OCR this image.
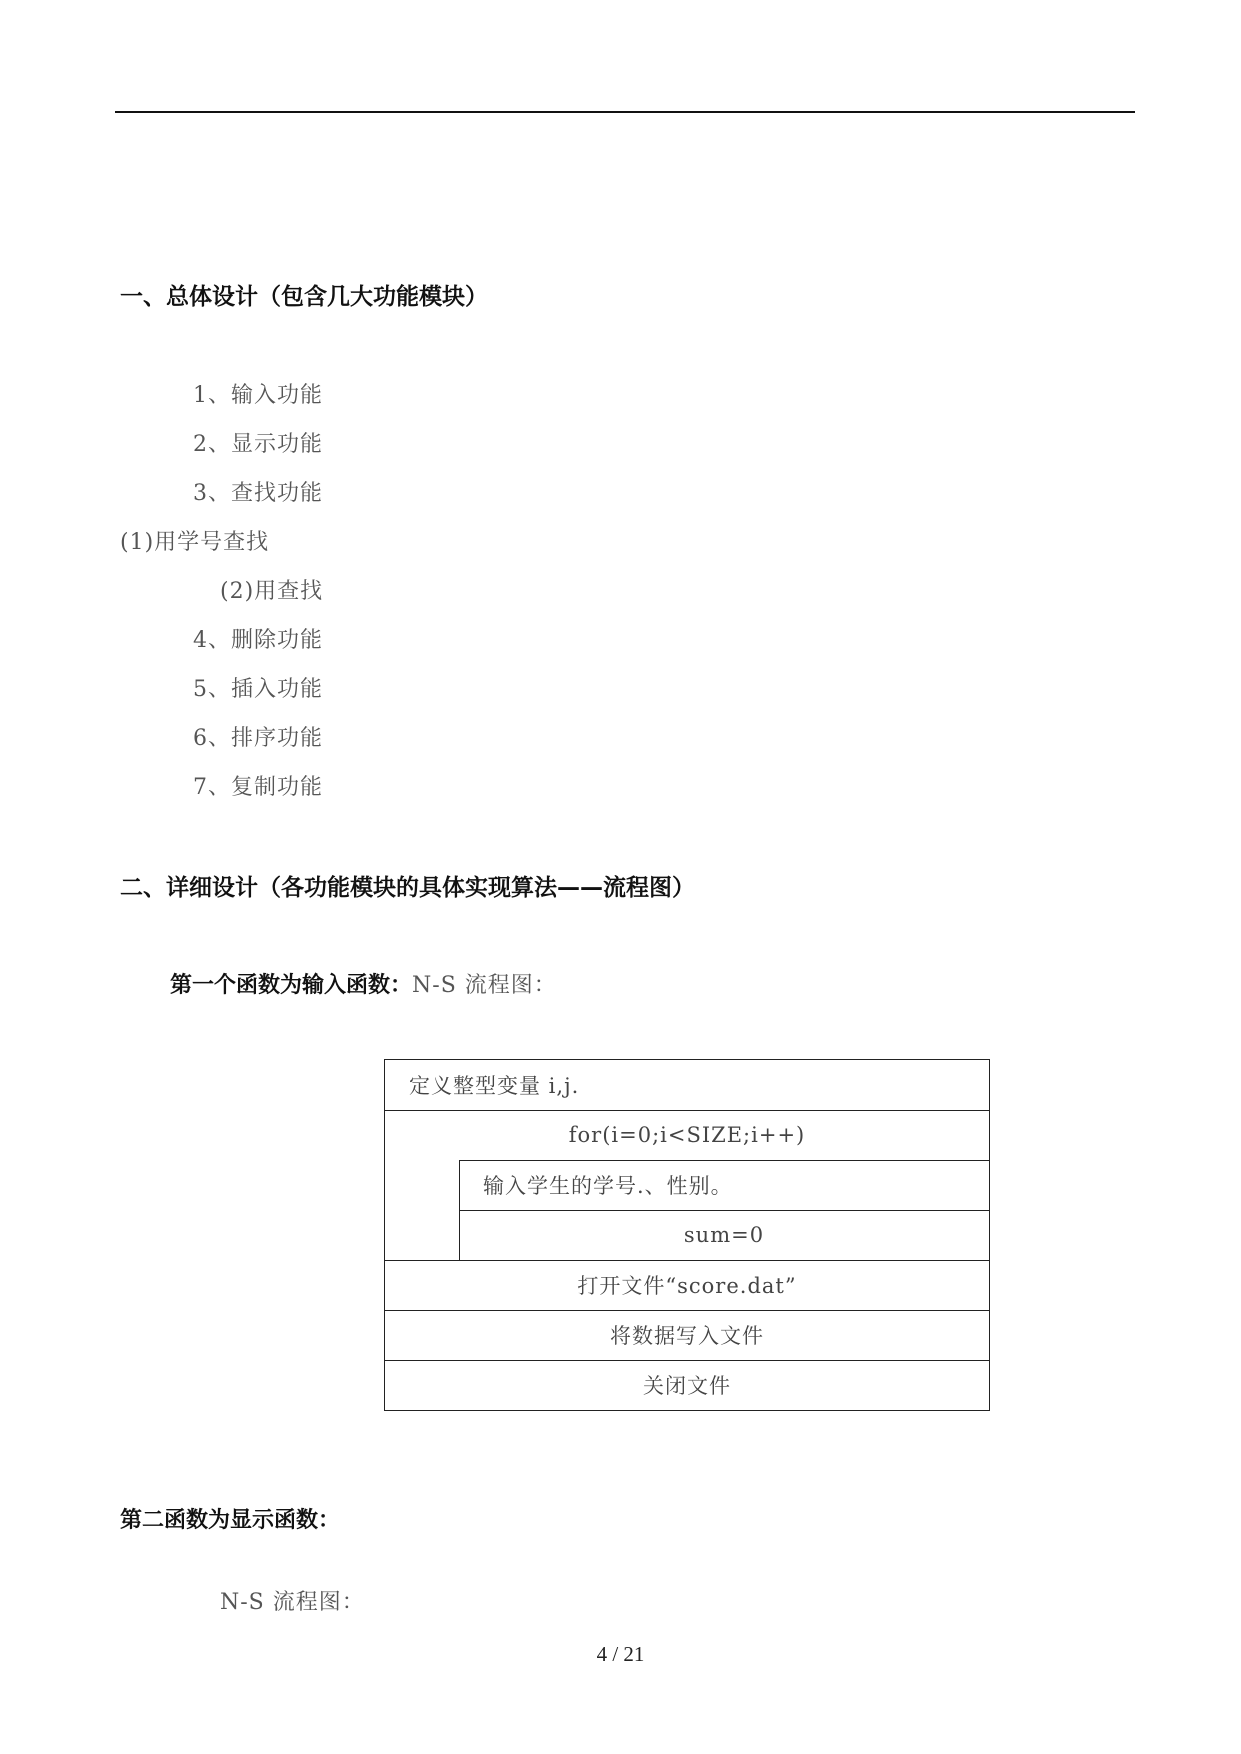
一、总体设计（包含几大功能模块）
1、输入功能
2、显示功能
3、查找功能
(1)用学号查找
(2)用查找
4、删除功能
5、插入功能
6、排序功能
7、复制功能
二、详细设计（各功能模块的具体实现算法——流程图）
第一个函数为输入函数：N-S 流程图：
定义整型变量 i,j.
for(i=0;i<SIZE;i++)
输入学生的学号.、性别。
sum=0
打开文件“score.dat”
将数据写入文件
关闭文件
第二函数为显示函数：
N-S 流程图：
4 / 21
